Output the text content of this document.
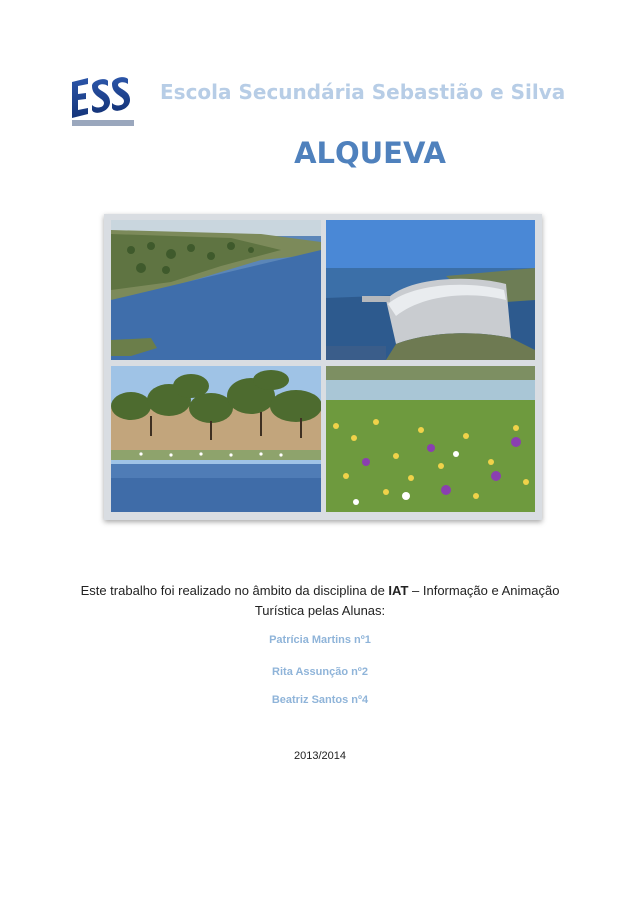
Escola Secundária Sebastião e Silva
ALQUEVA
Este trabalho foi realizado no âmbito da disciplina de IAT – Informação e Animação Turística pelas Alunas:
Patrícia Martins nº1
Rita Assunção nº2
Beatriz Santos nº4
2013/2014
